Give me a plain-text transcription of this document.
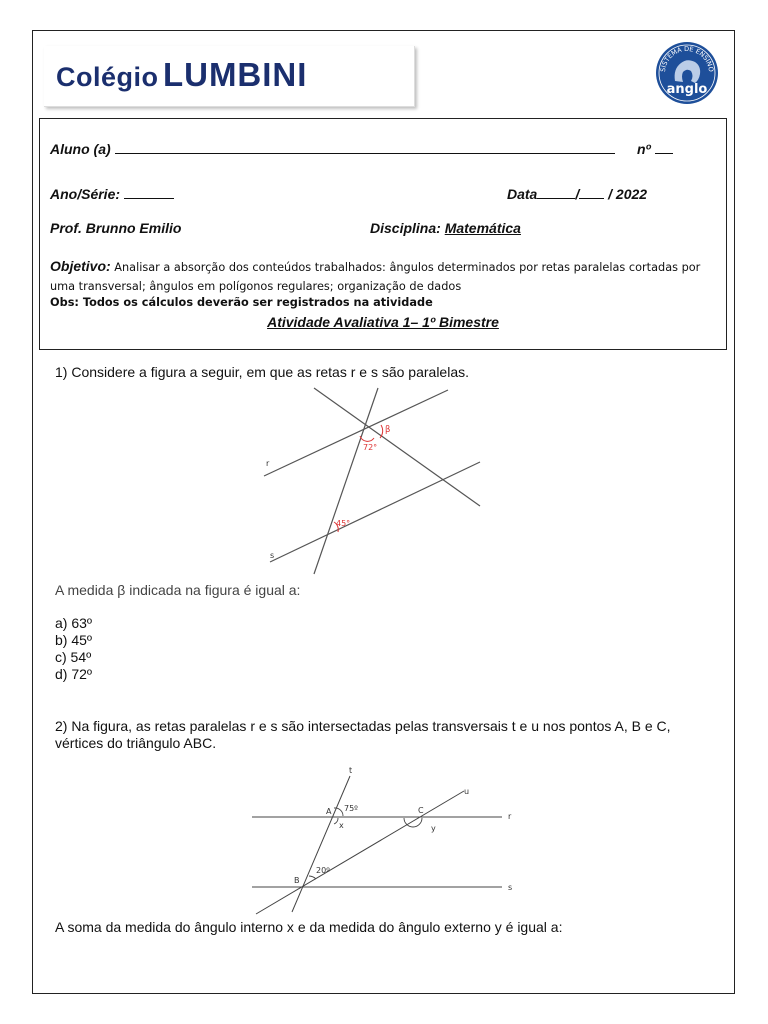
Colégio LUMBINI	SISTEMA DE ENSINO
anglo
Aluno (a)	nº
Ano/Série:	Data	/ / 2022
Prof. Brunno Emilio	Disciplina: Matemática
Objetivo: Analisar a absorção dos conteúdos trabalhados: ângulos determinados por retas paralelas cortadas por uma transversal; ângulos em polígonos regulares; organização de dados
Obs: Todos os cálculos deverão ser registrados na atividade
Atividade Avaliativa 1– 1º Bimestre
1) Considere a figura a seguir, em que as retas r e s são paralelas.
r
s
β
72°
45°
A medida β indicada na figura é igual a:
a) 63º
b) 45º
c) 54º
d) 72º
2) Na figura, as retas paralelas r e s são intersectadas pelas transversais t e u nos pontos A, B e C, vértices do triângulo ABC.
t
u
r
s
A
B
C
75º
20º
x	y
A soma da medida do ângulo interno x e da medida do ângulo externo y é igual a:
